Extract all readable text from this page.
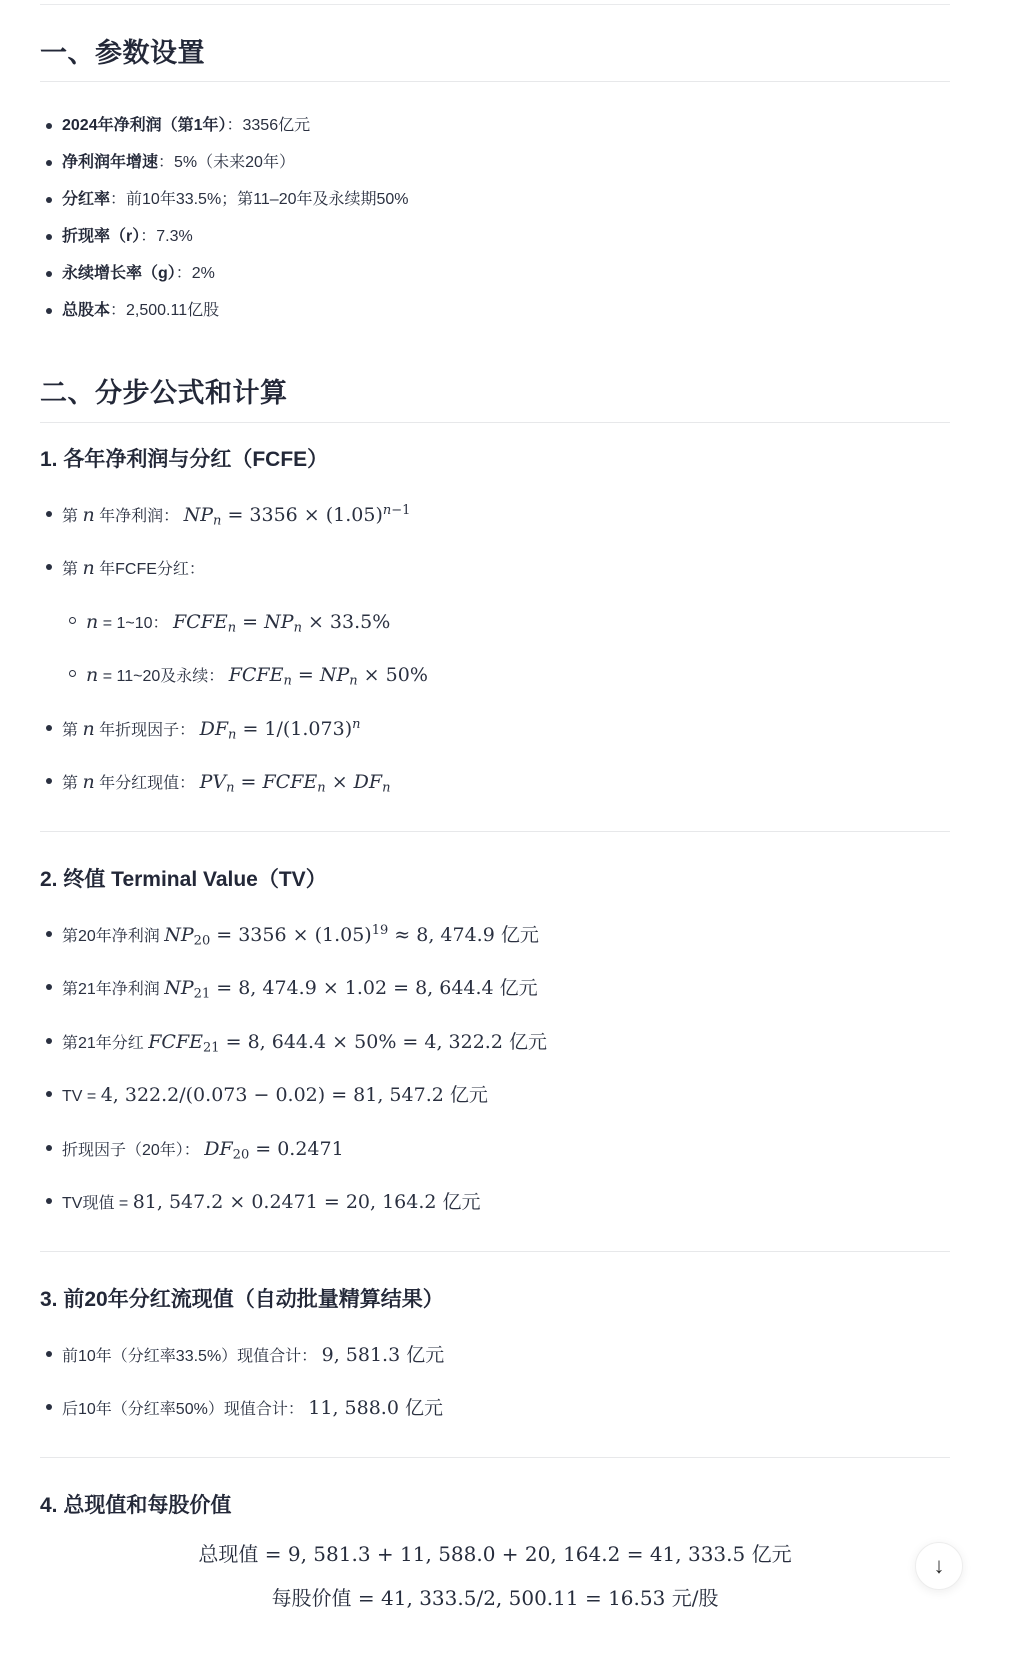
一、参数设置
2024年净利润（第1年）：3356亿元
净利润年增速：5%（未来20年）
分红率：前10年33.5%；第11–20年及永续期50%
折现率（r）：7.3%
永续增长率（g）：2%
总股本：2,500.11亿股
二、分步公式和计算
1. 各年净利润与分红（FCFE）
第 n 年净利润： $NP_n = 3356 \times (1.05)^{n-1}$
第 n 年FCFE分红：
n = 1~10： $FCFE_n = NP_n \times 33.5\%$
n = 11~20及永续： $FCFE_n = NP_n \times 50\%$
第 n 年折现因子： $DF_n = 1/(1.073)^n$
第 n 年分红现值： $PV_n$ = $FCFE_n \times DF_n$
2. 终值 Terminal Value（TV）
第20年净利润 $NP_{20} = 3356 \times (1.05)^{19} \approx 8$, 474.9 亿元
第21年净利润 $NP_{21} = 8$, 474.9 × 1.02 = 8, 644.4 亿元
第21年分红 $FCFE_{21} = 8$, 644.4 × 50% = 4, 322.2 亿元
TV = 4, 322.2/(0.073 − 0.02) = 81, 547.2 亿元
折现因子（20年）： $DF_{20} = 0.2471$
TV现值 = 81, 547.2 × 0.2471 = 20, 164.2 亿元
3. 前20年分红流现值（自动批量精算结果）
前10年（分红率33.5%）现值合计： 9, 581.3 亿元
后10年（分红率50%）现值合计： 11, 588.0 亿元
4. 总现值和每股价值
总现值 = 9, 581.3 + 11, 588.0 + 20, 164.2 = 41, 333.5 亿元
每股价值 = 41, 333.5/2, 500.11 = 16.53 元/股
↓
